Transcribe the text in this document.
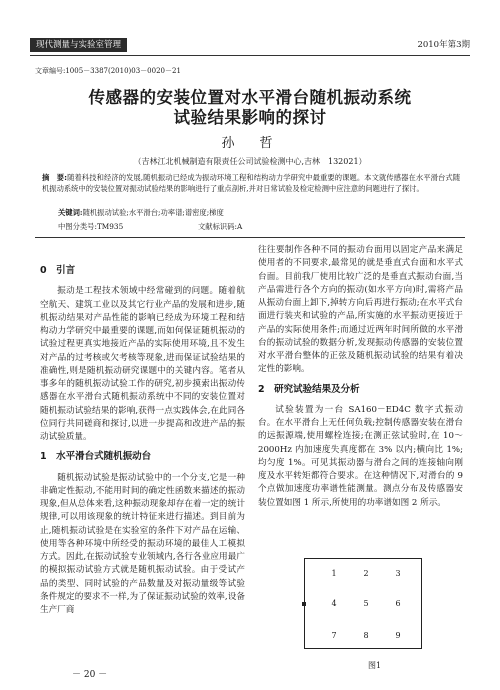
现代测量与实验室管理	2010年第3期
文章编号:1005－3387(2010)03－0020－21
传感器的安装位置对水平滑台随机振动系统
试验结果影响的探讨
孙　哲
（吉林江北机械制造有限责任公司试验检测中心,吉林　132021）
摘　要:随着科技和经济的发展,随机振动已经成为振动环境工程和结构动力学研究中最重要的课题。本文就传感器在水平滑台式随机振动系统中的安装位置对振动试验结果的影响进行了重点剖析,并对日常试验及检定检测中应注意的问题进行了探讨。
关键词:随机振动试验;水平滑台;功率谱;谱密度;梯度
中图分类号:TM935	文献标识码:A
0　引言
振动是工程技术领域中经常碰到的问题。随着航空航天、建筑工业以及其它行业产品的发展和进步,随机振动结果对产品性能的影响已经成为环境工程和结构动力学研究中最重要的课题,而如何保证随机振动的试验过程更真实地接近产品的实际使用环境,且不发生对产品的过考核或欠考核等现象,进而保证试验结果的准确性,则是随机振动研究课题中的关键内容。笔者从事多年的随机振动试验工作的研究,初步摸索出振动传感器在水平滑台式随机振动系统中不同的安装位置对随机振动试验结果的影响,获得一点实践体会,在此同各位同行共同磋商和探讨,以进一步提高和改进产品的振动试验质量。
1　水平滑台式随机振动台
随机振动试验是振动试验中的一个分支,它是一种非确定性振动,不能用时间的确定性函数来描述的振动现象,但从总体来看,这种振动现象却存在着一定的统计规律,可以用该现象的统计特征来进行描述。到目前为止,随机振动试验是在实验室的条件下对产品在运输、使用等各种环境中所经受的振动环境的最佳人工模拟方式。因此,在振动试验专业领域内,各行各业应用最广的模拟振动试验方式就是随机振动试验。由于受试产品的类型、同时试验的产品数量及对振动量级等试验条件规定的要求不一样,为了保证振动试验的效率,设备生产厂商
往往要制作各种不同的振动台面用以固定产品来满足使用者的不同要求,最常见的就是垂直式台面和水平式台面。目前我厂使用比较广泛的是垂直式振动台面,当产品需进行各个方向的振动(如水平方向)时,需将产品从振动台面上卸下,掉转方向后再进行振动;在水平式台面进行装夹和试验的产品,所实施的水平振动更接近于产品的实际使用条件;而通过近两年时间所做的水平滑台的振动试验的数据分析,发现振动传感器的安装位置对水平滑台整体的正弦及随机振动试验的结果有着决定性的影响。
2　研究试验结果及分析
试验装置为一台 SA160－ED4C 数字式振动台。在水平滑台上无任何负载;控制传感器安装在滑台的远振源端,使用螺栓连接;在测正弦试验时,在 10～2000Hz 内加速度失真度都在 3% 以内;横向比 1%;均匀度 1%。可见其振动器与滑台之间的连接轴向刚度及水平转矩都符合要求。在这种情况下,对滑台的 9 个点做加速度功率谱性能测量。测点分布及传感器安装位置如图 1 所示,所使用的功率谱如图 2 所示。
1
4
7
2
5
8
3
6
9
图1
－ 20 －
